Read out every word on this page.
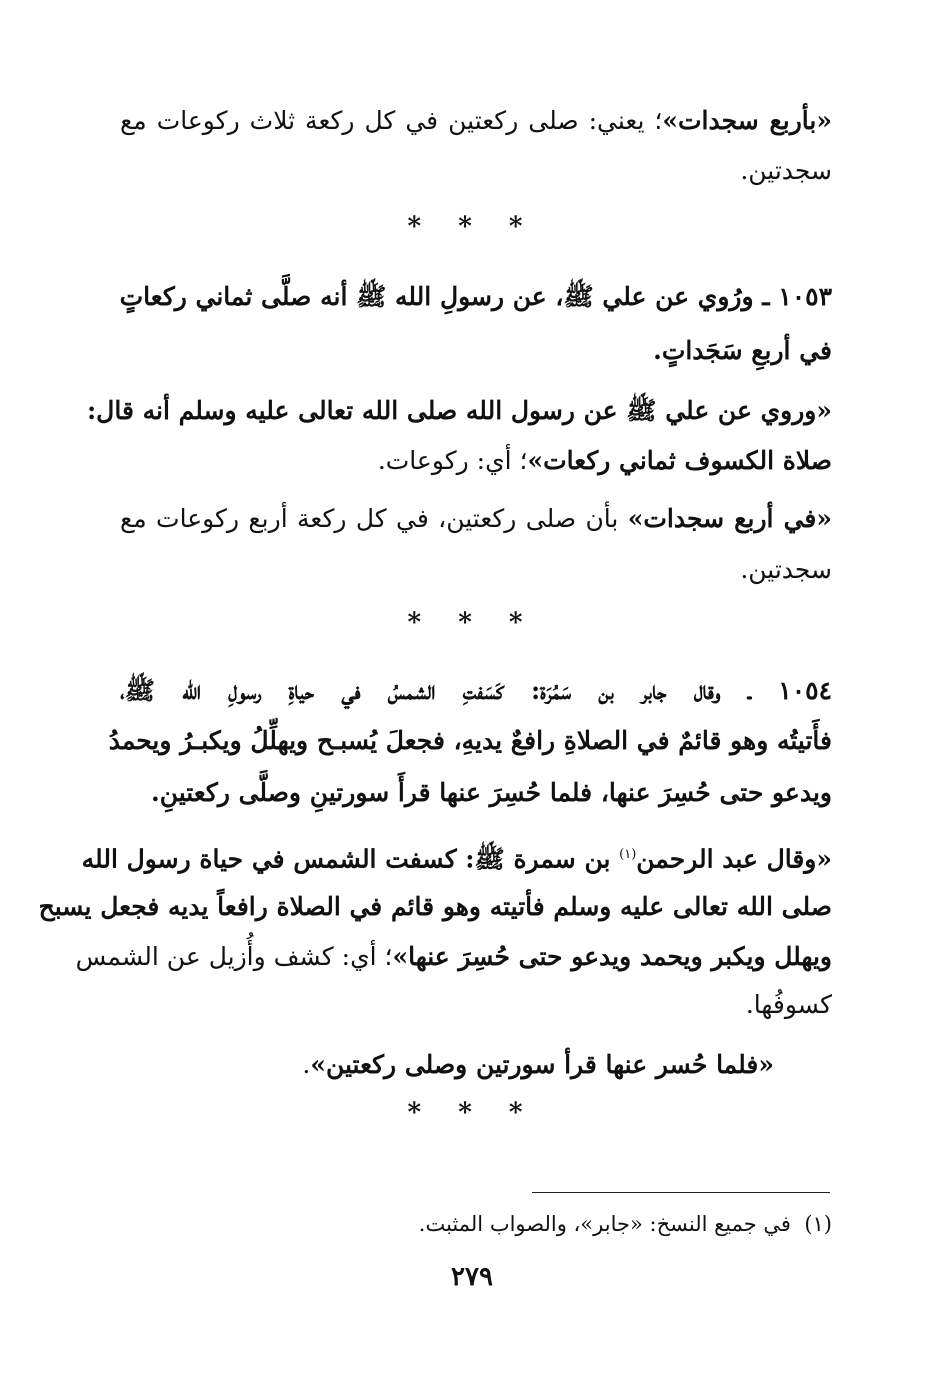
«بأربع سجدات»؛ يعني: صلى ركعتين في كل ركعة ثلاث ركوعات مع

سجدتين.

* * *

١٠٥٣ ـ ورُوي عن علي ﷺ، عن رسولِ الله ﷺ أنه صلَّى ثماني ركعاتٍ

في أربعِ سَجَداتٍ.

«وروي عن علي ﷺ عن رسول الله صلى الله تعالى عليه وسلم أنه قال:

صلاة الكسوف ثماني ركعات»؛ أي: ركوعات.

«في أربع سجدات» بأن صلى ركعتين، في كل ركعة أربع ركوعات مع

سجدتين.

* * *

١٠٥٤ ـ وقال جابر بن سَمُرَة: كَسَفتِ الشمسُ في حياةِ رسولِ الله ﷺ،

فأَتيتُه وهو قائمٌ في الصلاةِ رافعٌ يديهِ، فجعلَ يُسبـح ويهلِّلُ ويكبـرُ ويحمدُ

ويدعو حتى حُسِرَ عنها، فلما حُسِرَ عنها قرأَ سورتينِ وصلَّى ركعتينِ.

«وقال عبد الرحمن$^{(١)}$ بن سمرة ﷺ: كسفت الشمس في حياة رسول الله

صلى الله تعالى عليه وسلم فأتيته وهو قائم في الصلاة رافعاً يديه فجعل يسبح

ويهلل ويكبر ويحمد ويدعو حتى حُسِرَ عنها»؛ أي: كشف وأُزيل عن الشمس

كسوفُها.

«فلما حُسر عنها قرأ سورتين وصلى ركعتين».

* * *
(١)  في جميع النسخ: «جابر»، والصواب المثبت.
٢٧٩
